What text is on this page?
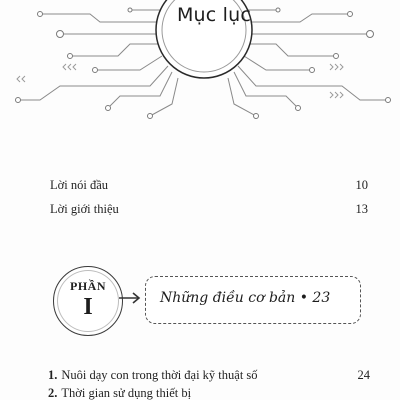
Mục lục
Lời nói đầu	10
Lời giới thiệu	13
PHẦN
I	Những điều cơ bản • 23
1. Nuôi dạy con trong thời đại kỹ thuật số	24
2. Thời gian sử dụng thiết bị
